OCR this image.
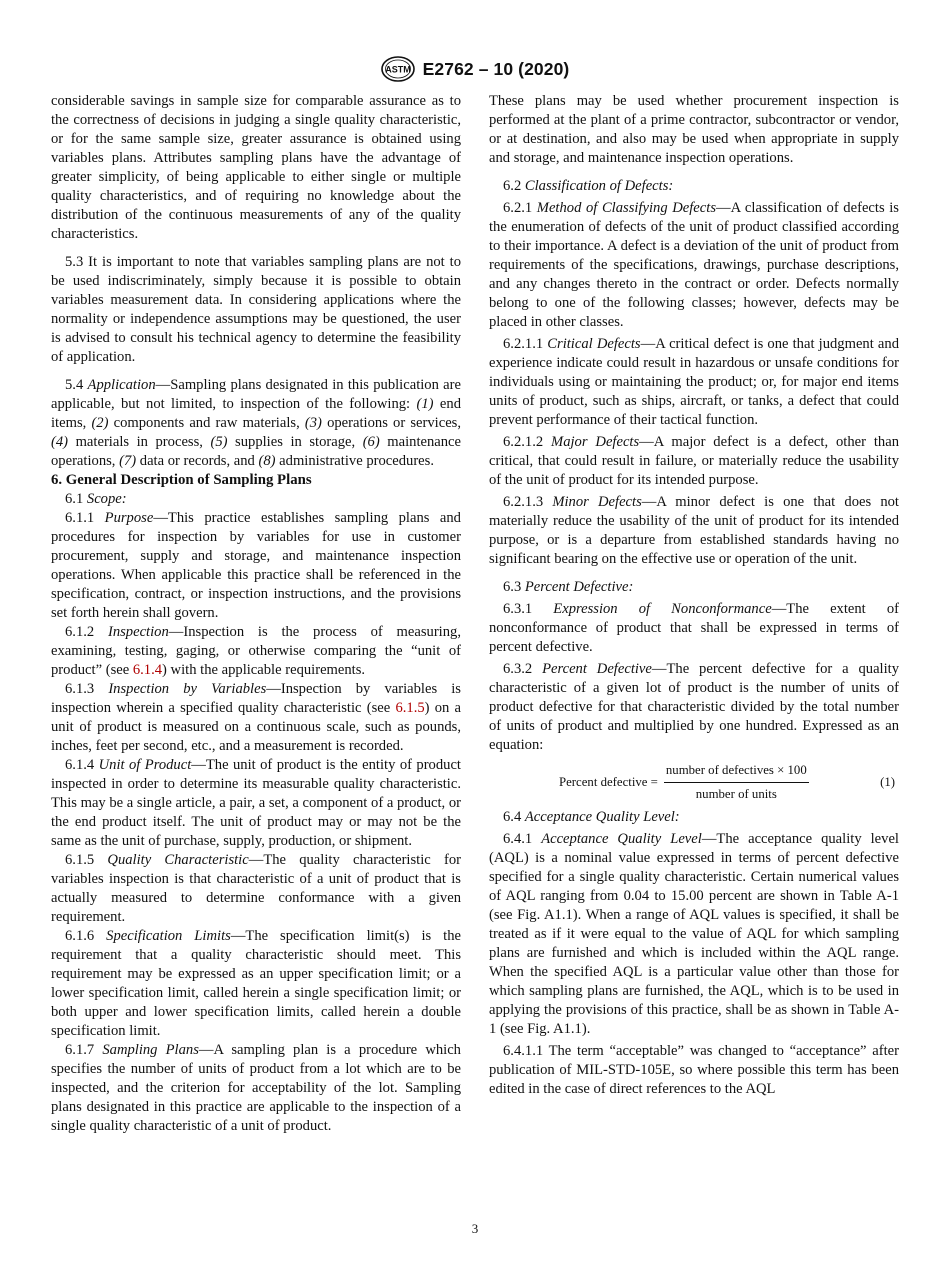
ASTM E2762 – 10 (2020)

considerable savings in sample size for comparable assurance as to the correctness of decisions in judging a single quality characteristic, or for the same sample size, greater assurance is obtained using variables plans. Attributes sampling plans have the advantage of greater simplicity, of being applicable to either single or multiple quality characteristics, and of requiring no knowledge about the distribution of the continuous measurements of any of the quality characteristics.

5.3 It is important to note that variables sampling plans are not to be used indiscriminately, simply because it is possible to obtain variables measurement data. In considering applications where the normality or independence assumptions may be questioned, the user is advised to consult his technical agency to determine the feasibility of application.

5.4 Application—Sampling plans designated in this publication are applicable, but not limited, to inspection of the following: (1) end items, (2) components and raw materials, (3) operations or services, (4) materials in process, (5) supplies in storage, (6) maintenance operations, (7) data or records, and (8) administrative procedures.

6. General Description of Sampling Plans

6.1 Scope:

6.1.1 Purpose—This practice establishes sampling plans and procedures for inspection by variables for use in customer procurement, supply and storage, and maintenance inspection operations. When applicable this practice shall be referenced in the specification, contract, or inspection instructions, and the provisions set forth herein shall govern.

6.1.2 Inspection—Inspection is the process of measuring, examining, testing, gaging, or otherwise comparing the “unit of product” (see 6.1.4) with the applicable requirements.

6.1.3 Inspection by Variables—Inspection by variables is inspection wherein a specified quality characteristic (see 6.1.5) on a unit of product is measured on a continuous scale, such as pounds, inches, feet per second, etc., and a measurement is recorded.

6.1.4 Unit of Product—The unit of product is the entity of product inspected in order to determine its measurable quality characteristic. This may be a single article, a pair, a set, a component of a product, or the end product itself. The unit of product may or may not be the same as the unit of purchase, supply, production, or shipment.

6.1.5 Quality Characteristic—The quality characteristic for variables inspection is that characteristic of a unit of product that is actually measured to determine conformance with a given requirement.

6.1.6 Specification Limits—The specification limit(s) is the requirement that a quality characteristic should meet. This requirement may be expressed as an upper specification limit; or a lower specification limit, called herein a single specification limit; or both upper and lower specification limits, called herein a double specification limit.

6.1.7 Sampling Plans—A sampling plan is a procedure which specifies the number of units of product from a lot which are to be inspected, and the criterion for acceptability of the lot. Sampling plans designated in this practice are applicable to the inspection of a single quality characteristic of a unit of product.

These plans may be used whether procurement inspection is performed at the plant of a prime contractor, subcontractor or vendor, or at destination, and also may be used when appropriate in supply and storage, and maintenance inspection operations.

6.2 Classification of Defects:

6.2.1 Method of Classifying Defects—A classification of defects is the enumeration of defects of the unit of product classified according to their importance. A defect is a deviation of the unit of product from requirements of the specifications, drawings, purchase descriptions, and any changes thereto in the contract or order. Defects normally belong to one of the following classes; however, defects may be placed in other classes.

6.2.1.1 Critical Defects—A critical defect is one that judgment and experience indicate could result in hazardous or unsafe conditions for individuals using or maintaining the product; or, for major end items units of product, such as ships, aircraft, or tanks, a defect that could prevent performance of their tactical function.

6.2.1.2 Major Defects—A major defect is a defect, other than critical, that could result in failure, or materially reduce the usability of the unit of product for its intended purpose.

6.2.1.3 Minor Defects—A minor defect is one that does not materially reduce the usability of the unit of product for its intended purpose, or is a departure from established standards having no significant bearing on the effective use or operation of the unit.

6.3 Percent Defective:

6.3.1 Expression of Nonconformance—The extent of nonconformance of product that shall be expressed in terms of percent defective.

6.3.2 Percent Defective—The percent defective for a quality characteristic of a given lot of product is the number of units of product defective for that characteristic divided by the total number of units of product and multiplied by one hundred. Expressed as an equation:

Percent defective = $\frac{\text{number of defectives × 100}}{\text{number of units}}$	(1)

6.4 Acceptance Quality Level:

6.4.1 Acceptance Quality Level—The acceptance quality level (AQL) is a nominal value expressed in terms of percent defective specified for a single quality characteristic. Certain numerical values of AQL ranging from 0.04 to 15.00 percent are shown in Table A-1 (see Fig. A1.1). When a range of AQL values is specified, it shall be treated as if it were equal to the value of AQL for which sampling plans are furnished and which is included within the AQL range. When the specified AQL is a particular value other than those for which sampling plans are furnished, the AQL, which is to be used in applying the provisions of this practice, shall be as shown in Table A-1 (see Fig. A1.1).

6.4.1.1 The term “acceptable” was changed to “acceptance” after publication of MIL-STD-105E, so where possible this term has been edited in the case of direct references to the AQL

3
